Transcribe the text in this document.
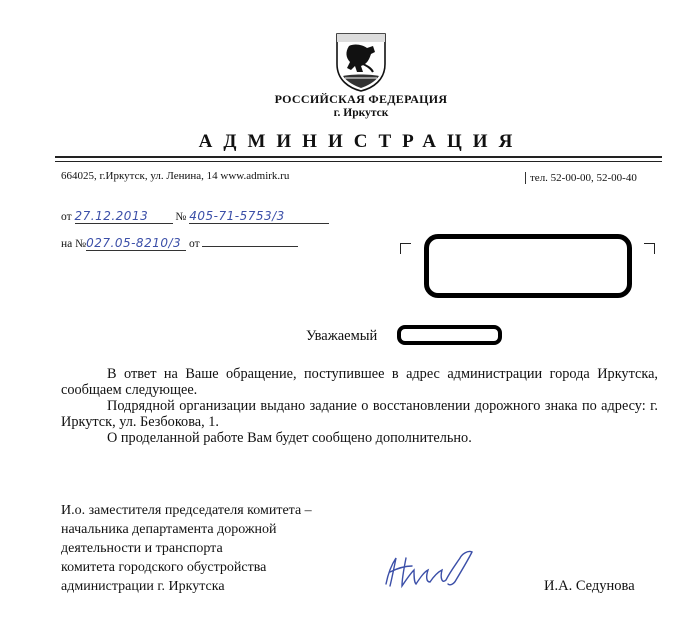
РОССИЙСКАЯ ФЕДЕРАЦИЯ
г. Иркутск
АДМИНИСТРАЦИЯ
664025, г.Иркутск, ул. Ленина, 14 www.admirk.ru	тел. 52-00-00, 52-00-40
от 27.12.2013 № 405-71-5753/3
на №027.05-8210/3 от
Уважаемый

В ответ на Ваше обращение, поступившее в адрес администрации города Иркутска, сообщаем следующее.

Подрядной организации выдано задание о восстановлении дорожного знака по адресу: г. Иркутск, ул. Безбокова, 1.

О проделанной работе Вам будет сообщено дополнительно.

И.о. заместителя председателя комитета –
начальника департамента дорожной
деятельности и транспорта
комитета городского обустройства
администрации г. Иркутска	И.А. Седунова
